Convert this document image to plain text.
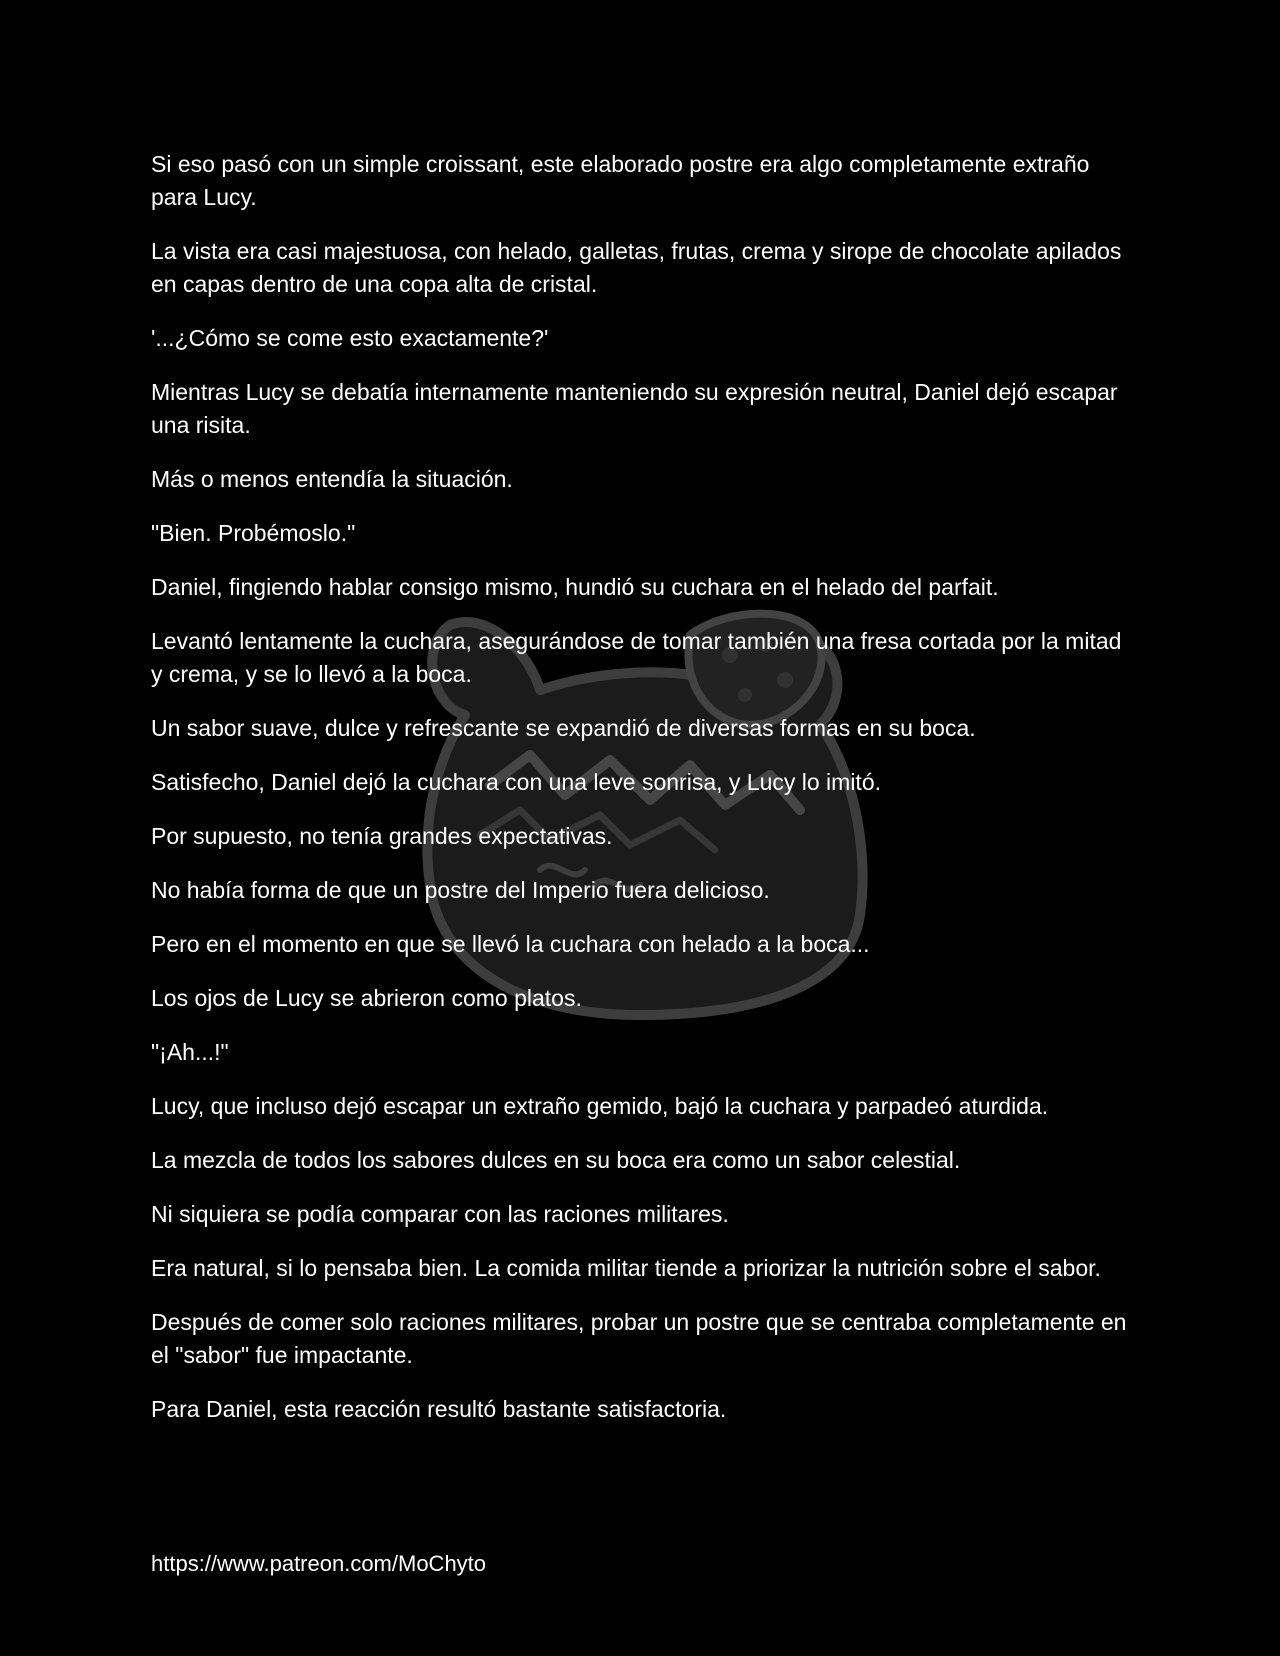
Si eso pasó con un simple croissant, este elaborado postre era algo completamente extraño para Lucy.

La vista era casi majestuosa, con helado, galletas, frutas, crema y sirope de chocolate apilados en capas dentro de una copa alta de cristal.

'...¿Cómo se come esto exactamente?'

Mientras Lucy se debatía internamente manteniendo su expresión neutral, Daniel dejó escapar una risita.

Más o menos entendía la situación.

"Bien. Probémoslo."

Daniel, fingiendo hablar consigo mismo, hundió su cuchara en el helado del parfait.

Levantó lentamente la cuchara, asegurándose de tomar también una fresa cortada por la mitad y crema, y se lo llevó a la boca.

Un sabor suave, dulce y refrescante se expandió de diversas formas en su boca.

Satisfecho, Daniel dejó la cuchara con una leve sonrisa, y Lucy lo imitó.

Por supuesto, no tenía grandes expectativas.

No había forma de que un postre del Imperio fuera delicioso.

Pero en el momento en que se llevó la cuchara con helado a la boca...

Los ojos de Lucy se abrieron como platos.

"¡Ah...!"

Lucy, que incluso dejó escapar un extraño gemido, bajó la cuchara y parpadeó aturdida.

La mezcla de todos los sabores dulces en su boca era como un sabor celestial.

Ni siquiera se podía comparar con las raciones militares.

Era natural, si lo pensaba bien. La comida militar tiende a priorizar la nutrición sobre el sabor.

Después de comer solo raciones militares, probar un postre que se centraba completamente en el "sabor" fue impactante.

Para Daniel, esta reacción resultó bastante satisfactoria.

https://www.patreon.com/MoChyto
